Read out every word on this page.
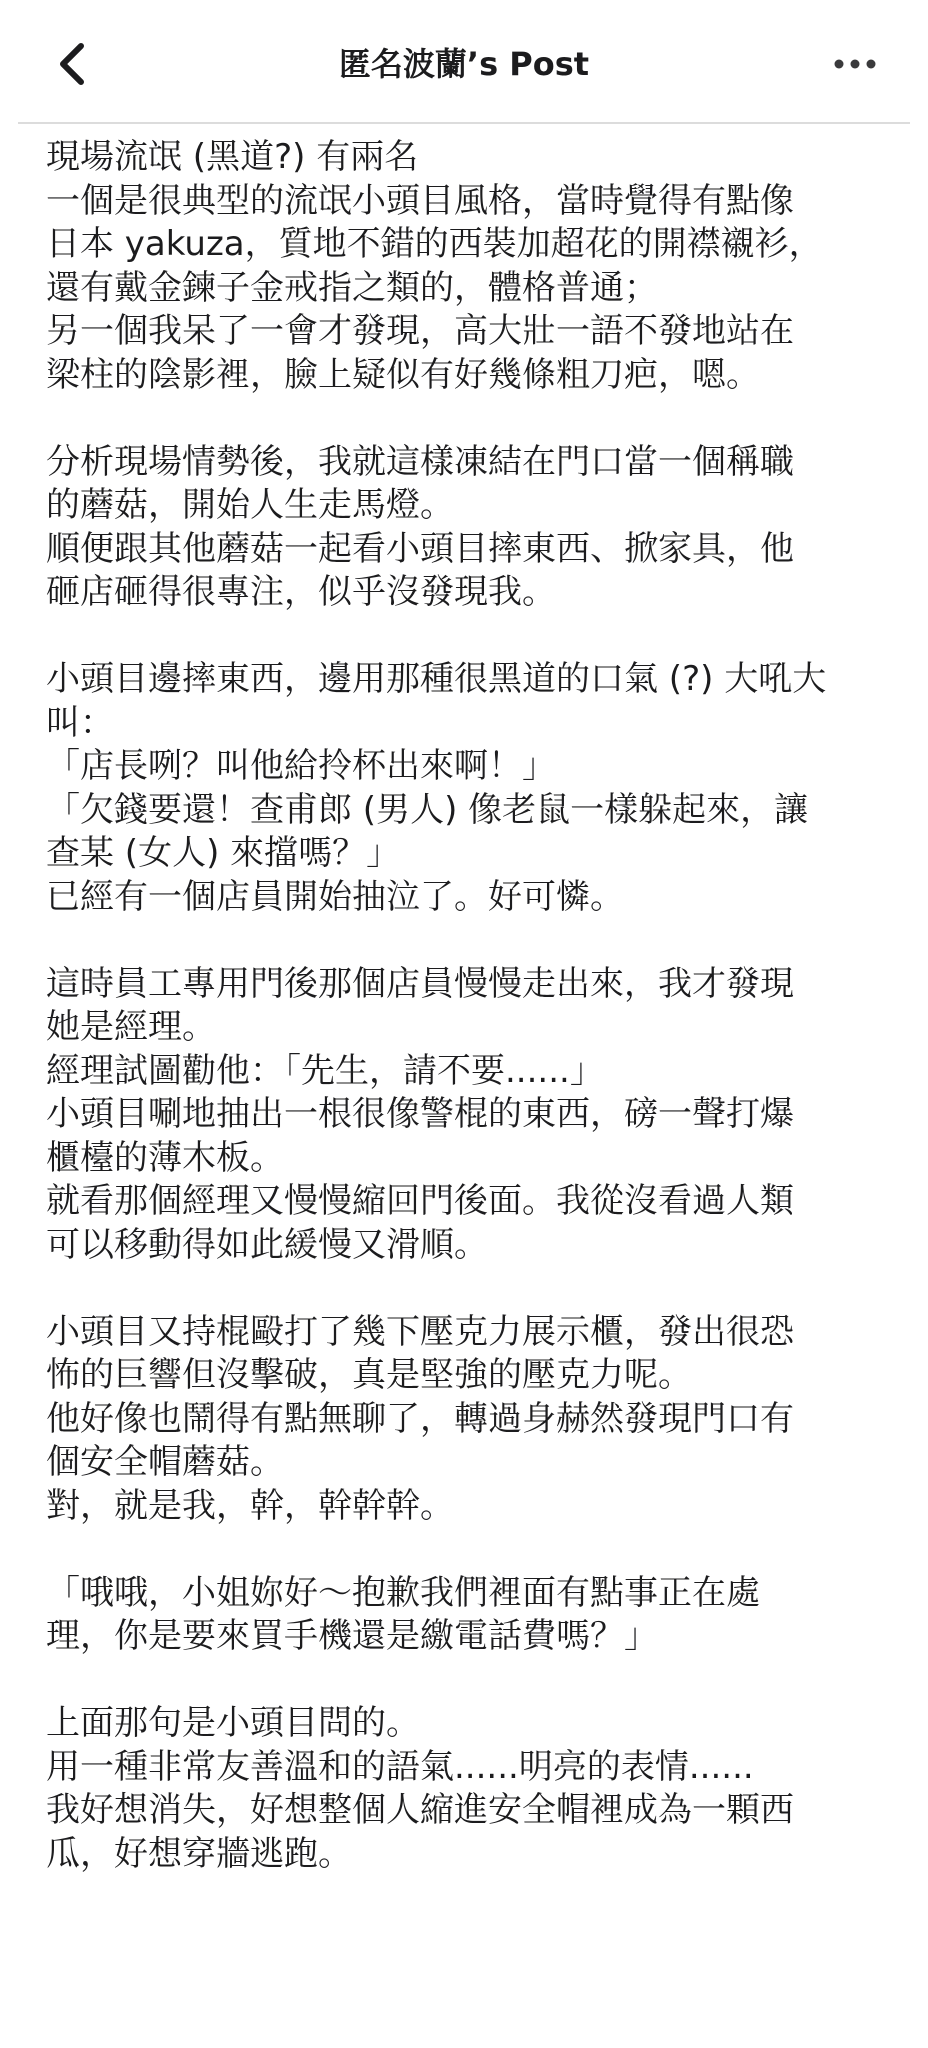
匿名波蘭’s Post
現場流氓 (黑道?) 有兩名
一個是很典型的流氓小頭目風格，當時覺得有點像
日本 yakuza，質地不錯的西裝加超花的開襟襯衫，
還有戴金鍊子金戒指之類的，體格普通；
另一個我呆了一會才發現，高大壯一語不發地站在
梁柱的陰影裡，臉上疑似有好幾條粗刀疤，嗯。
分析現場情勢後，我就這樣凍結在門口當一個稱職
的蘑菇，開始人生走馬燈。
順便跟其他蘑菇一起看小頭目摔東西、掀家具，他
砸店砸得很專注，似乎沒發現我。
小頭目邊摔東西，邊用那種很黑道的口氣 (?) 大吼大
叫：
「店長咧？叫他給拎杯出來啊！」
「欠錢要還！查甫郎 (男人) 像老鼠一樣躲起來，讓
查某 (女人) 來擋嗎？」
已經有一個店員開始抽泣了。好可憐。
這時員工專用門後那個店員慢慢走出來，我才發現
她是經理。
經理試圖勸他：「先生，請不要......」
小頭目唰地抽出一根很像警棍的東西，磅一聲打爆
櫃檯的薄木板。
就看那個經理又慢慢縮回門後面。我從沒看過人類
可以移動得如此緩慢又滑順。
小頭目又持棍毆打了幾下壓克力展示櫃，發出很恐
怖的巨響但沒擊破，真是堅強的壓克力呢。
他好像也鬧得有點無聊了，轉過身赫然發現門口有
個安全帽蘑菇。
對，就是我，幹，幹幹幹。
「哦哦，小姐妳好～抱歉我們裡面有點事正在處
理，你是要來買手機還是繳電話費嗎？」
上面那句是小頭目問的。
用一種非常友善溫和的語氣......明亮的表情......
我好想消失，好想整個人縮進安全帽裡成為一顆西
瓜，好想穿牆逃跑。
